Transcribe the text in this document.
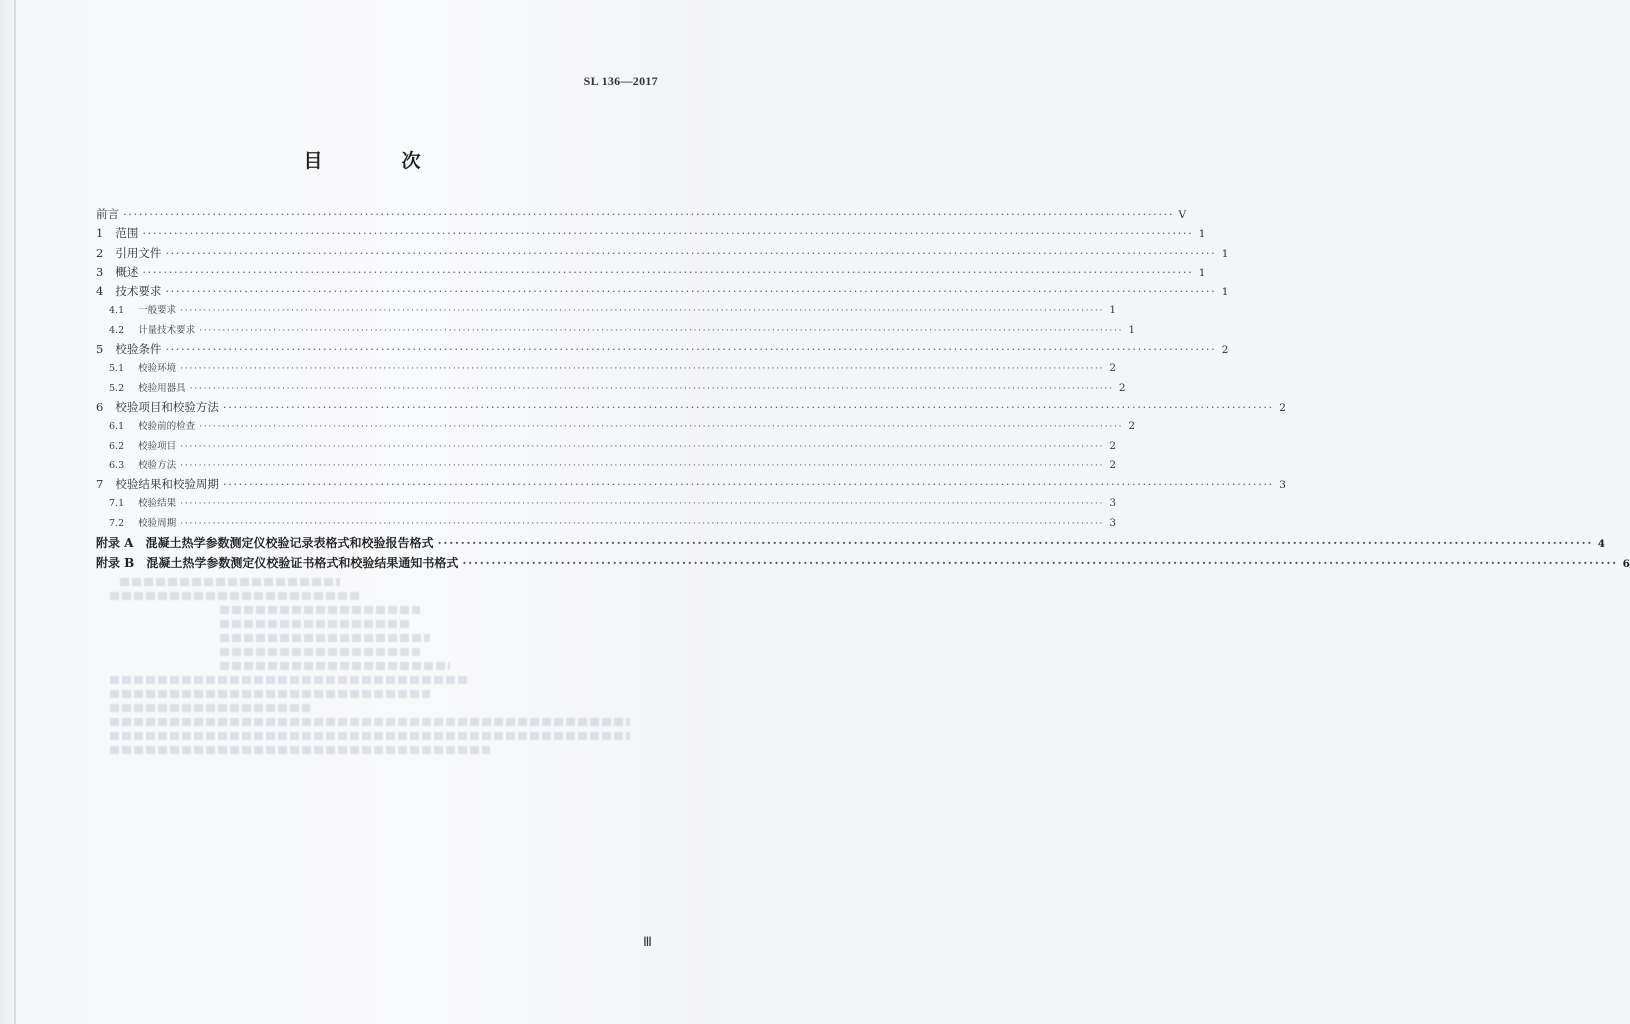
SL 136—2017
目　次
前言 ········································································································································································································ V
1 范围 ········································································································································································································ 1
2 引用文件 ········································································································································································································ 1
3 概述 ········································································································································································································ 1
4 技术要求 ········································································································································································································ 1
4.1 一般要求 ········································································································································································································ 1
4.2 计量技术要求 ········································································································································································································ 1
5 校验条件 ········································································································································································································ 2
5.1 校验环境 ········································································································································································································ 2
5.2 校验用器具 ········································································································································································································ 2
6 校验项目和校验方法 ········································································································································································································ 2
6.1 校验前的检查 ········································································································································································································ 2
6.2 校验项目 ········································································································································································································ 2
6.3 校验方法 ········································································································································································································ 2
7 校验结果和校验周期 ········································································································································································································ 3
7.1 校验结果 ········································································································································································································ 3
7.2 校验周期 ········································································································································································································ 3
附录 A 混凝土热学参数测定仪校验记录表格式和校验报告格式 ········································································································································································································ 4
附录 B 混凝土热学参数测定仪校验证书格式和校验结果通知书格式 ········································································································································································································ 6
Ⅲ
